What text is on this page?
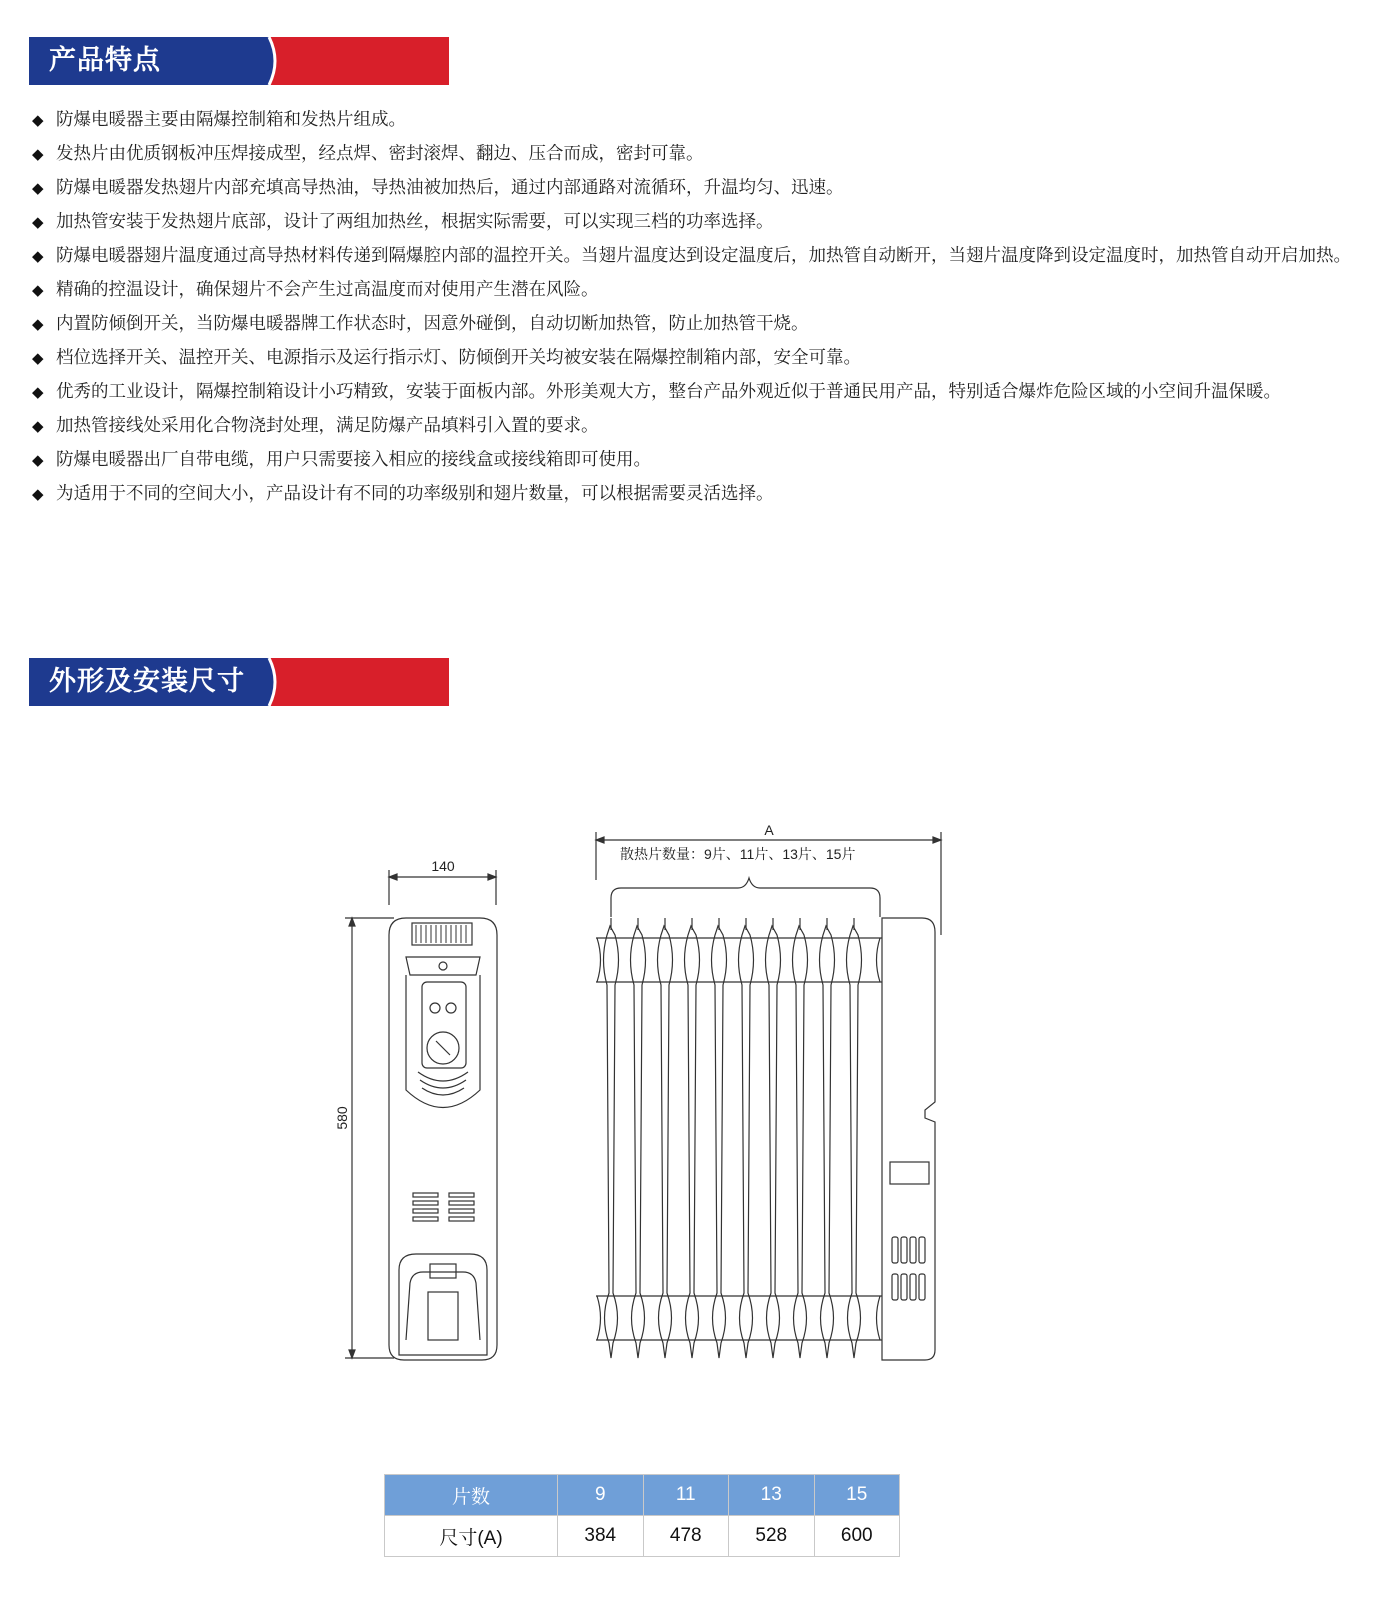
产品特点
◆ 防爆电暖器主要由隔爆控制箱和发热片组成。
◆ 发热片由优质钢板冲压焊接成型，经点焊、密封滚焊、翻边、压合而成，密封可靠。
◆ 防爆电暖器发热翅片内部充填高导热油，导热油被加热后，通过内部通路对流循环，升温均匀、迅速。
◆ 加热管安装于发热翅片底部，设计了两组加热丝，根据实际需要，可以实现三档的功率选择。
◆ 防爆电暖器翅片温度通过高导热材料传递到隔爆腔内部的温控开关。当翅片温度达到设定温度后，加热管自动断开，当翅片温度降到设定温度时，加热管自动开启加热。
◆ 精确的控温设计，确保翅片不会产生过高温度而对使用产生潜在风险。
◆ 内置防倾倒开关，当防爆电暖器牌工作状态时，因意外碰倒，自动切断加热管，防止加热管干烧。
◆ 档位选择开关、温控开关、电源指示及运行指示灯、防倾倒开关均被安装在隔爆控制箱内部，安全可靠。
◆ 优秀的工业设计，隔爆控制箱设计小巧精致，安装于面板内部。外形美观大方，整台产品外观近似于普通民用产品，特别适合爆炸危险区域的小空间升温保暖。
◆ 加热管接线处采用化合物浇封处理，满足防爆产品填料引入置的要求。
◆ 防爆电暖器出厂自带电缆，用户只需要接入相应的接线盒或接线箱即可使用。
◆ 为适用于不同的空间大小，产品设计有不同的功率级别和翅片数量，可以根据需要灵活选择。
外形及安装尺寸
140
580
A
散热片数量：9片、11片、13片、15片
片数	9	11	13	15
尺寸(A)	384	478	528	600
